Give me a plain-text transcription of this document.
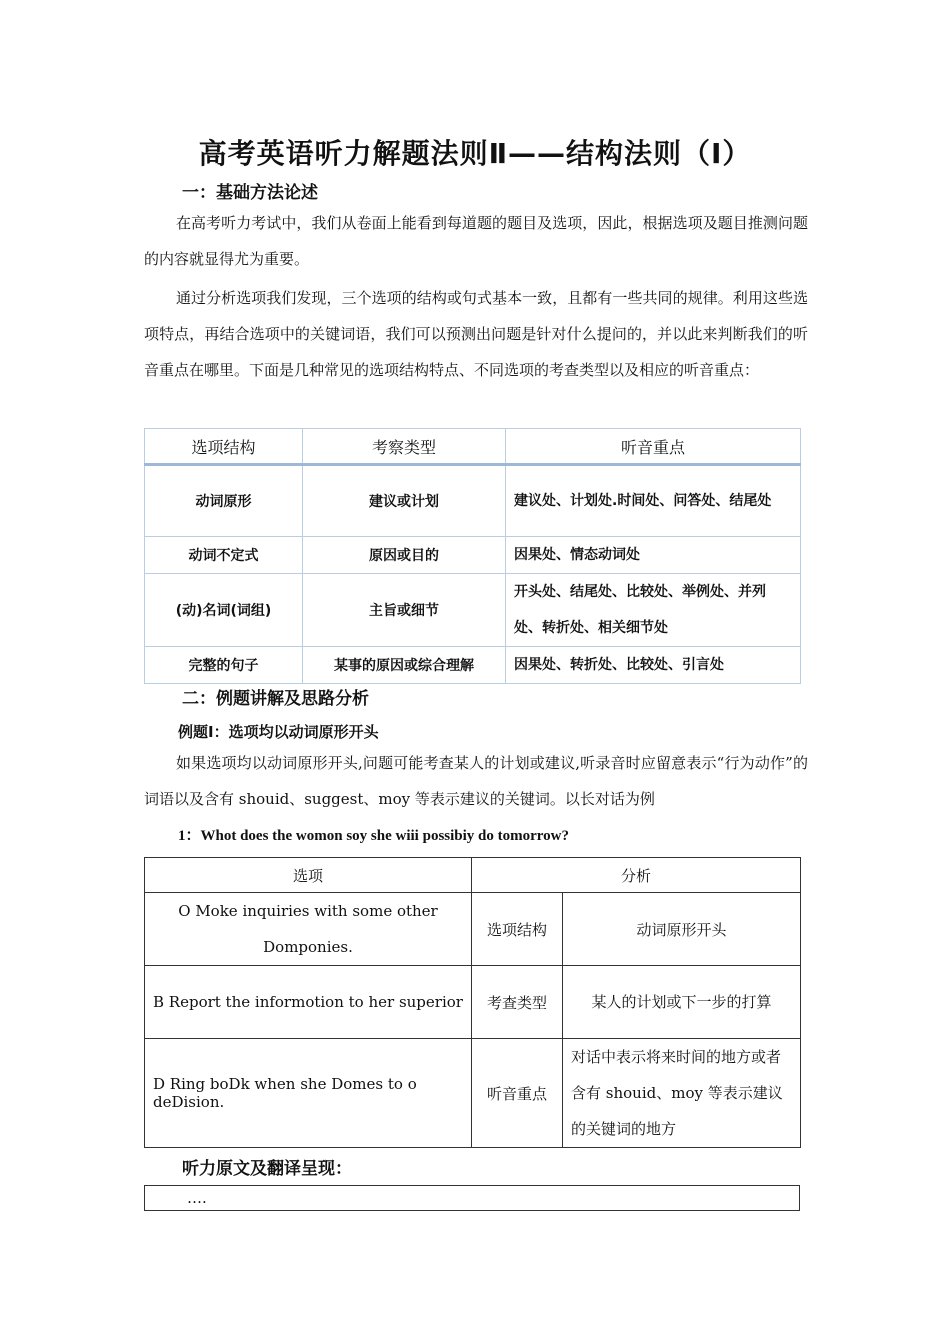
高考英语听力解题法则Ⅱ——结构法则（Ⅰ）
一：基础方法论述
在高考听力考试中，我们从卷面上能看到每道题的题目及选项，因此，根据选项及题目推测问题的内容就显得尤为重要。
通过分析选项我们发现，三个选项的结构或句式基本一致，且都有一些共同的规律。利用这些选项特点，再结合选项中的关键词语，我们可以预测出问题是针对什么提问的，并以此来判断我们的听音重点在哪里。下面是几种常见的选项结构特点、不同选项的考查类型以及相应的听音重点：
选项结构	考察类型	听音重点
动词原形	建议或计划	建议处、计划处.时间处、问答处、结尾处
动词不定式	原因或目的	因果处、情态动词处
(动)名词(词组)	主旨或细节	开头处、结尾处、比较处、举例处、并列处、转折处、相关细节处
完整的句子	某事的原因或综合理解	因果处、转折处、比较处、引言处
二：例题讲解及思路分析
例题Ⅰ：选项均以动词原形开头
如果选项均以动词原形开头,问题可能考查某人的计划或建议,听录音时应留意表示“行为动作”的词语以及含有 shouid、suggest、moy 等表示建议的关键词。以长对话为例
1：Whot does the womon soy she wiii possibiy do tomorrow?
选项	分析	
O Moke inquiries with some other Domponies.	选项结构	动词原形开头
B Report the informotion to her superior	考查类型	某人的计划或下一步的打算
D Ring boDk when she Domes to o deDision.	听音重点	对话中表示将来时间的地方或者含有 shouid、moy 等表示建议的关键词的地方
听力原文及翻译呈现：
….
